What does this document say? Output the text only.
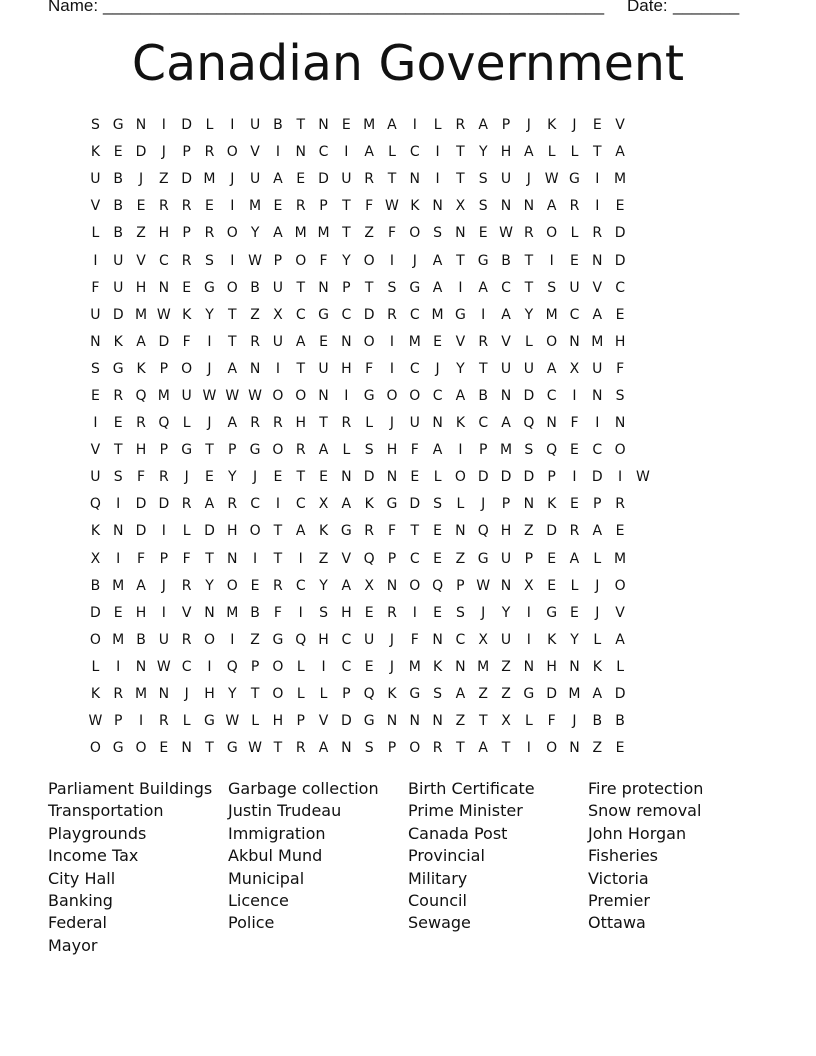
Name: _____________________________________________________ Date: _______
Canadian Government
S G N	I	D L	I	U B T N E M A	I	L	R A P	J	K	J	E V
K E D	J	P R O V	I	N C	I	A	L	C	I	T	Y H A	L	L	T A
U B	J	Z D M	J	U A E D U R T N	I	T	S U	J W G	I	M
V B E R R E	I	M E R P	T	F W K N X S N N A R	I	E
L	B Z H P R O Y A M M T Z F O S N E W R O L	R D
I	U V C R S	I W P O F	Y O	I	J	A T G B T	I	E N D
F U H N E G O B U T N P	T	S G A	I	A C T	S U V C
U D M W K Y	T Z X C G C D R C M G	I	A Y M C A E
N K A D F	I	T R U A E N O	I	M E V R V	L O N M H
S G K P O	J	A N	I	T U H F	I	C	J	Y	T U U A X U F
E R Q M U W W W O O N	I	G O O C A B N D C	I	N S
I	E R Q L	J	A R R H T R	L	J	U N K C A Q N F	I	N
V T H P G T	P G O R A	L	S H F A	I	P M S Q E C O
U S	F R	J	E	Y	J	E	T	E N D N E	L O D D D P	I	D	I W
Q	I	D D R A R C	I	C X A K G D S	L	J	P N K E	P R
K N D	I	L D H O T A K G R F	T	E N Q H Z D R A E
X	I	F	P	F	T N	I	T	I	Z V Q P C E Z G U P	E A	L M
B M A	J	R Y O E R C Y A X N O Q P W N X E	L	J	O
D E H	I	V N M B F	I	S H E R	I	E S	J	Y	I	G E	J	V
O M B U R O	I	Z G Q H C U	J	F N C X U	I	K Y	L	A
L	I	N W C	I	Q P O L	I	C E	J	M K N M Z N H N K	L
K R M N	J	H Y	T O L	L	P Q K G S A Z Z G D M A D
W P	I	R	L G W L H P V D G N N N Z T X	L	F	J	B B
O G O E N T G W T R A N S	P O R T A T	I	O N Z E
Parliament Buildings
Transportation
Playgrounds
Income Tax
City Hall
Banking
Federal
Mayor
Garbage collection
Justin Trudeau
Immigration
Akbul Mund
Municipal
Licence
Police
Birth Certificate
Prime Minister
Canada Post
Provincial
Military
Council
Sewage
Fire protection
Snow removal
John Horgan
Fisheries
Victoria
Premier
Ottawa
